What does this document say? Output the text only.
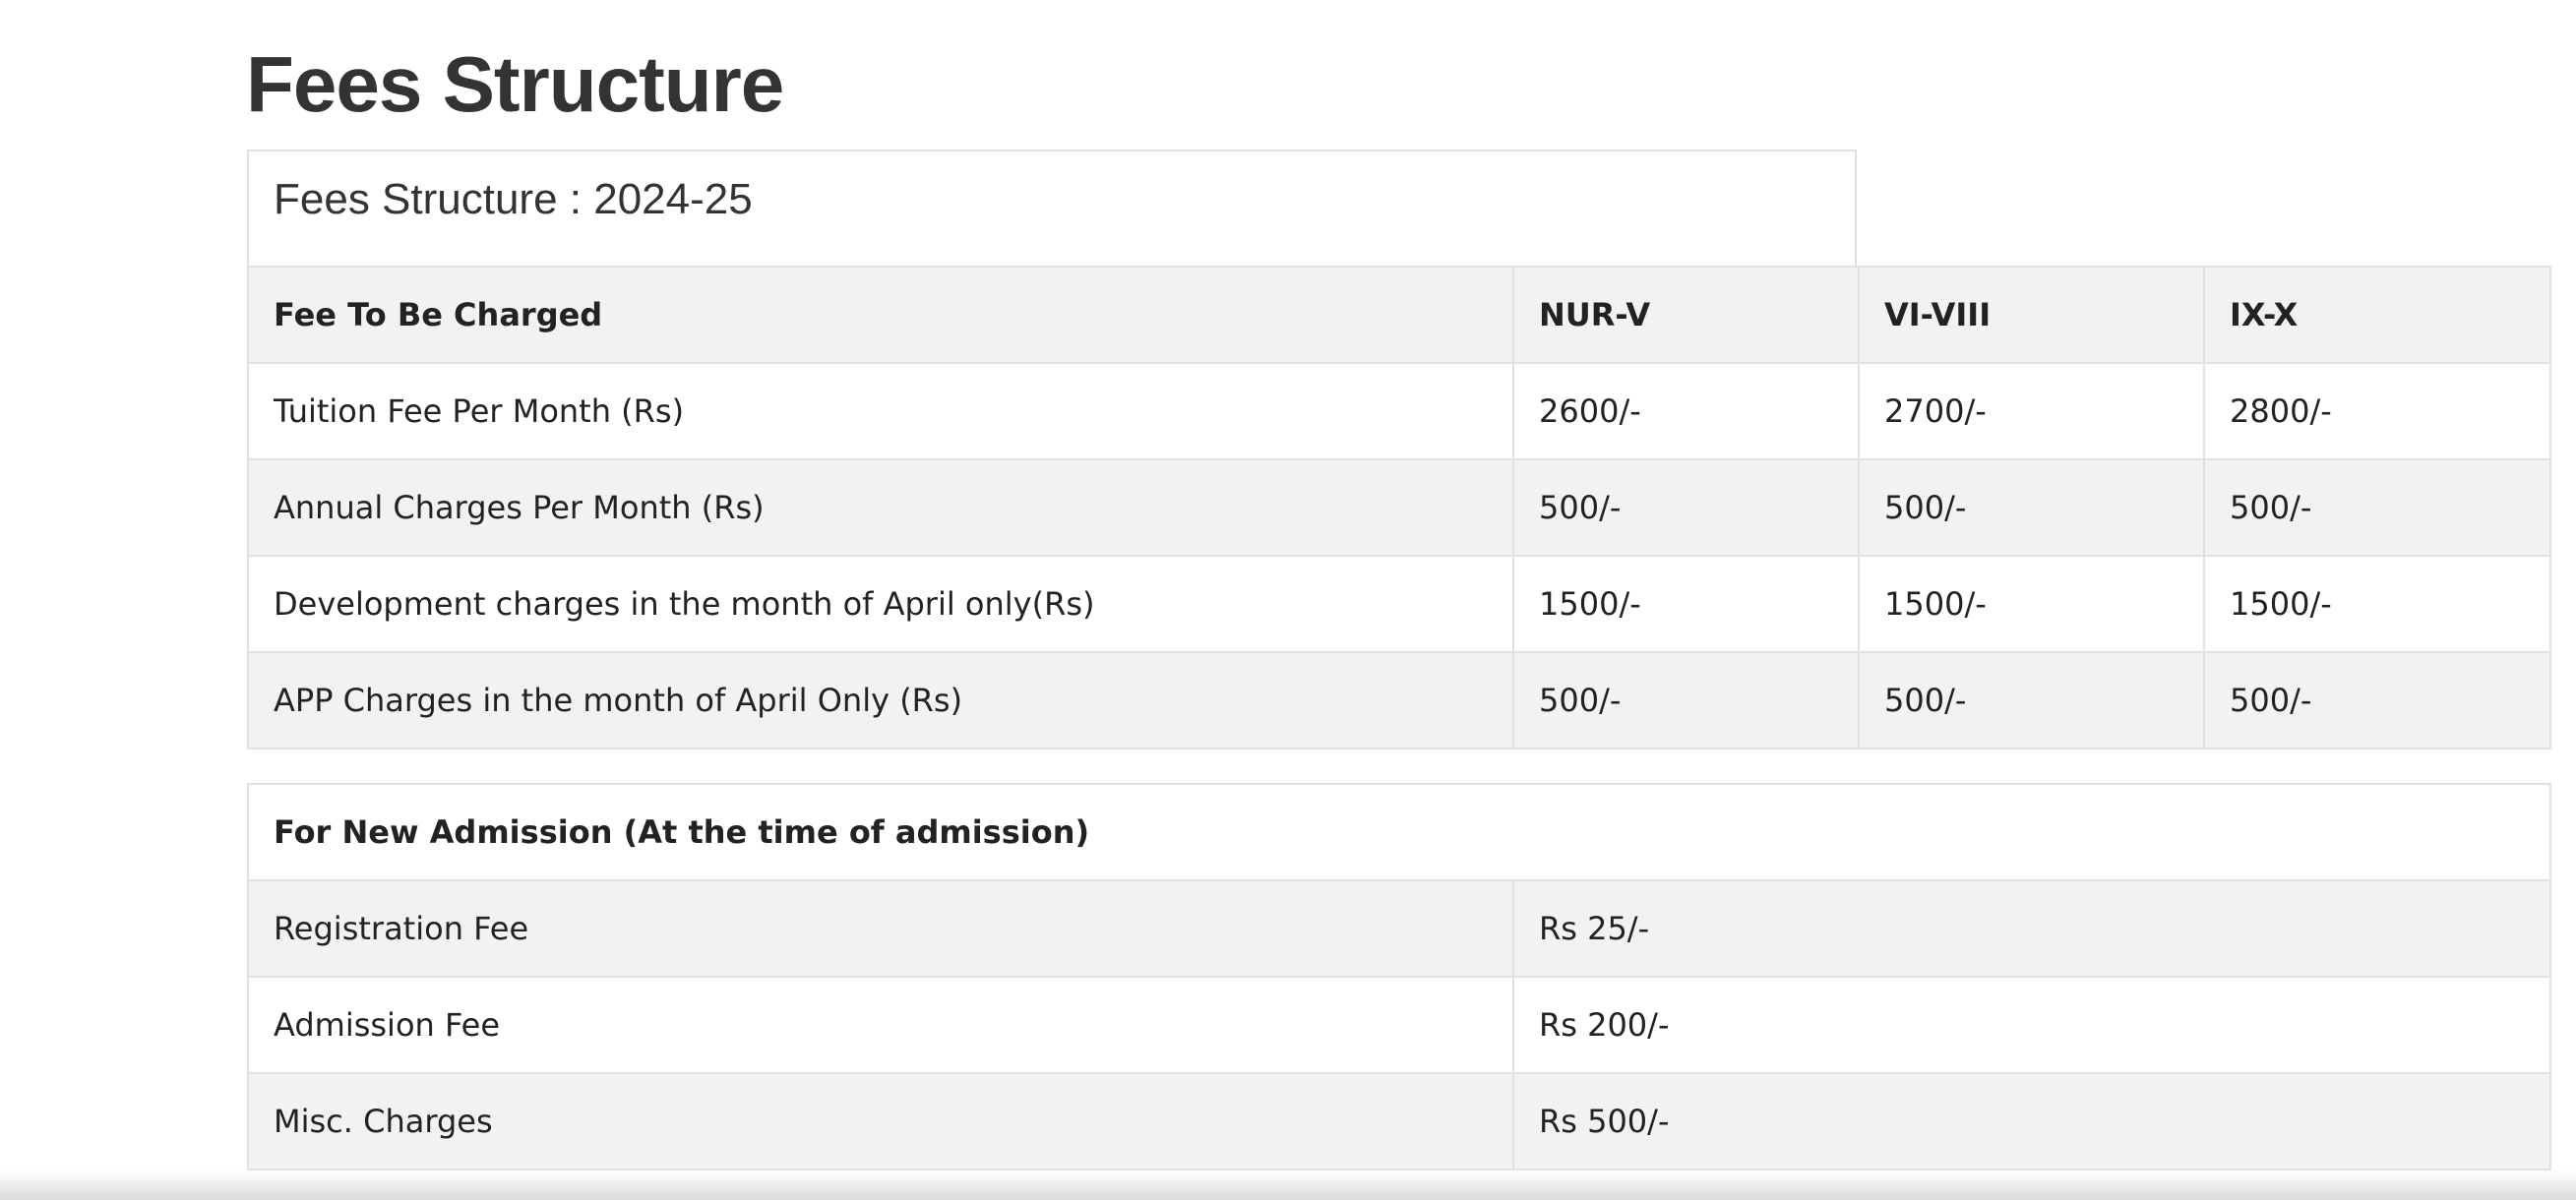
Fees Structure
Fees Structure : 2024-25
Fee To Be Charged	NUR-V	VI-VIII	IX-X
Tuition Fee Per Month (Rs)	2600/-	2700/-	2800/-
Annual Charges Per Month (Rs)	500/-	500/-	500/-
Development charges in the month of April only(Rs)	1500/-	1500/-	1500/-
APP Charges in the month of April Only (Rs)	500/-	500/-	500/-
For New Admission (At the time of admission)	
Registration Fee	Rs 25/-
Admission Fee	Rs 200/-
Misc. Charges	Rs 500/-
